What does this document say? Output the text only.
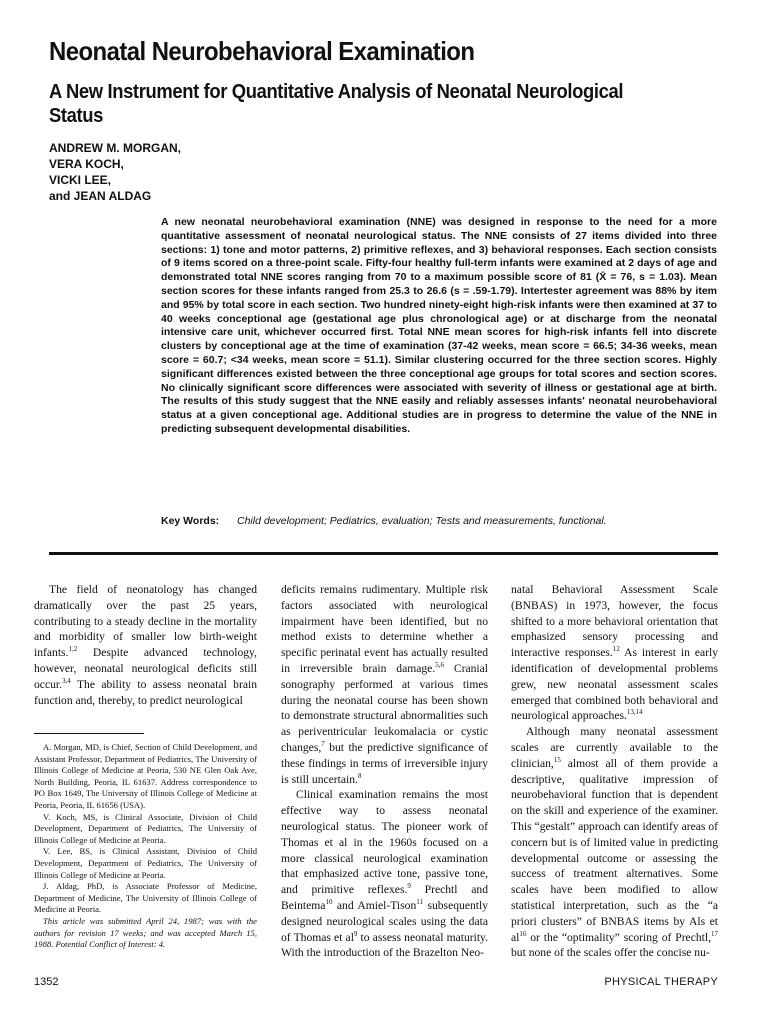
Neonatal Neurobehavioral Examination
A New Instrument for Quantitative Analysis of Neonatal Neurological Status
ANDREW M. MORGAN,
VERA KOCH,
VICKI LEE,
and JEAN ALDAG
A new neonatal neurobehavioral examination (NNE) was designed in response to the need for a more quantitative assessment of neonatal neurological status. The NNE consists of 27 items divided into three sections: 1) tone and motor patterns, 2) primitive reflexes, and 3) behavioral responses. Each section consists of 9 items scored on a three-point scale. Fifty-four healthy full-term infants were examined at 2 days of age and demonstrated total NNE scores ranging from 70 to a maximum possible score of 81 (X̄ = 76, s = 1.03). Mean section scores for these infants ranged from 25.3 to 26.6 (s = .59-1.79). Intertester agreement was 88% by item and 95% by total score in each section. Two hundred ninety-eight high-risk infants were then examined at 37 to 40 weeks conceptional age (gestational age plus chronological age) or at discharge from the neonatal intensive care unit, whichever occurred first. Total NNE mean scores for high-risk infants fell into discrete clusters by conceptional age at the time of examination (37-42 weeks, mean score = 66.5; 34-36 weeks, mean score = 60.7; <34 weeks, mean score = 51.1). Similar clustering occurred for the three section scores. Highly significant differences existed between the three conceptional age groups for total scores and section scores. No clinically significant score differences were associated with severity of illness or gestational age at birth. The results of this study suggest that the NNE easily and reliably assesses infants' neonatal neurobehavioral status at a given conceptional age. Additional studies are in progress to determine the value of the NNE in predicting subsequent developmental disabilities.
Key Words: Child development; Pediatrics, evaluation; Tests and measurements, functional.

The field of neonatology has changed dramatically over the past 25 years, contributing to a steady decline in the mortality and morbidity of smaller low birth-weight infants.$^{1,2}$ Despite advanced technology, however, neonatal neurological deficits still occur.$^{3,4}$ The ability to assess neonatal brain function and, thereby, to predict neurological

deficits remains rudimentary. Multiple risk factors associated with neurological impairment have been identified, but no method exists to determine whether a specific perinatal event has actually resulted in irreversible brain damage.$^{5,6}$ Cranial sonography performed at various times during the neonatal course has been shown to demonstrate structural abnormalities such as periventricular leukomalacia or cystic changes,$^7$ but the predictive significance of these findings in terms of irreversible injury is still uncertain.$^8$

Clinical examination remains the most effective way to assess neonatal neurological status. The pioneer work of Thomas et al in the 1960s focused on a more classical neurological examination that emphasized active tone, passive tone, and primitive reflexes.$^9$ Prechtl and Beintema$^{10}$ and Amiel-Tison$^{11}$ subsequently designed neurological scales using the data of Thomas et $al^9$ to assess neonatal maturity. With the introduction of the Brazelton Neo-

natal Behavioral Assessment Scale (BNBAS) in 1973, however, the focus shifted to a more behavioral orientation that emphasized sensory processing and interactive responses.$^{12}$ As interest in early identification of developmental problems grew, new neonatal assessment scales emerged that combined both behavioral and neurological approaches.$^{13,14}$

Although many neonatal assessment scales are currently available to the clinician,$^{15}$ almost all of them provide a descriptive, qualitative impression of neurobehavioral function that is dependent on the skill and experience of the examiner. This “gestalt” approach can identify areas of concern but is of limited value in predicting developmental outcome or assessing the success of treatment alternatives. Some scales have been modified to allow statistical interpretation, such as the “a priori clusters” of BNBAS items by Als et $al^{16}$ or the “optimality” scoring of Prechtl,$^{17}$ but none of the scales offer the concise nu-

A. Morgan, MD, is Chief, Section of Child Development, and Assistant Professor, Department of Pediatrics, The University of Illinois College of Medicine at Peoria, 530 NE Glen Oak Ave, North Building, Peoria, IL 61637. Address correspondence to PO Box 1649, The University of Illinois College of Medicine at Peoria, Peoria, IL 61656 (USA).

V. Koch, MS, is Clinical Associate, Division of Child Development, Department of Pediatrics, The University of Illinois College of Medicine at Peoria.

V. Lee, BS, is Clinical Assistant, Division of Child Development, Department of Pediatrics, The University of Illinois College of Medicine at Peoria.

J. Aldag, PhD, is Associate Professor of Medicine, Department of Medicine, The University of Illinois College of Medicine at Peoria.

This article was submitted April 24, 1987; was with the authors for revision 17 weeks; and was accepted March 15, 1988. Potential Conflict of Interest: 4.

1352	PHYSICAL THERAPY
